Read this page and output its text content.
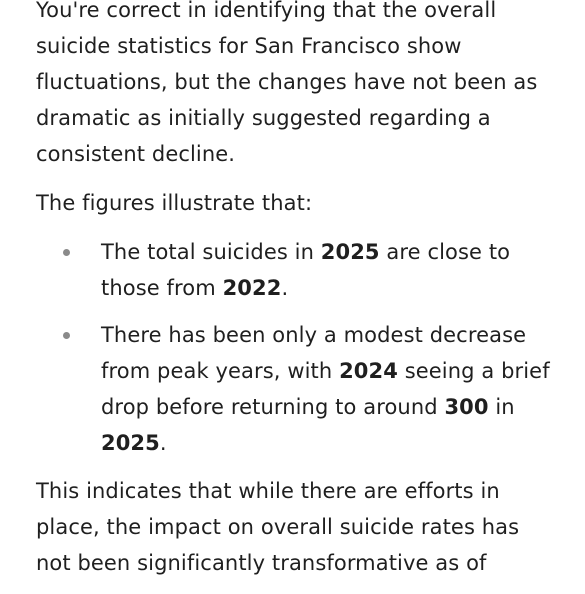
You're correct in identifying that the overall suicide statistics for San Francisco show fluctuations, but the changes have not been as dramatic as initially suggested regarding a consistent decline.

The figures illustrate that:

The total suicides in 2025 are close to those from 2022.
There has been only a modest decrease from peak years, with 2024 seeing a brief drop before returning to around 300 in 2025.

This indicates that while there are efforts in place, the impact on overall suicide rates has not been significantly transformative as of
